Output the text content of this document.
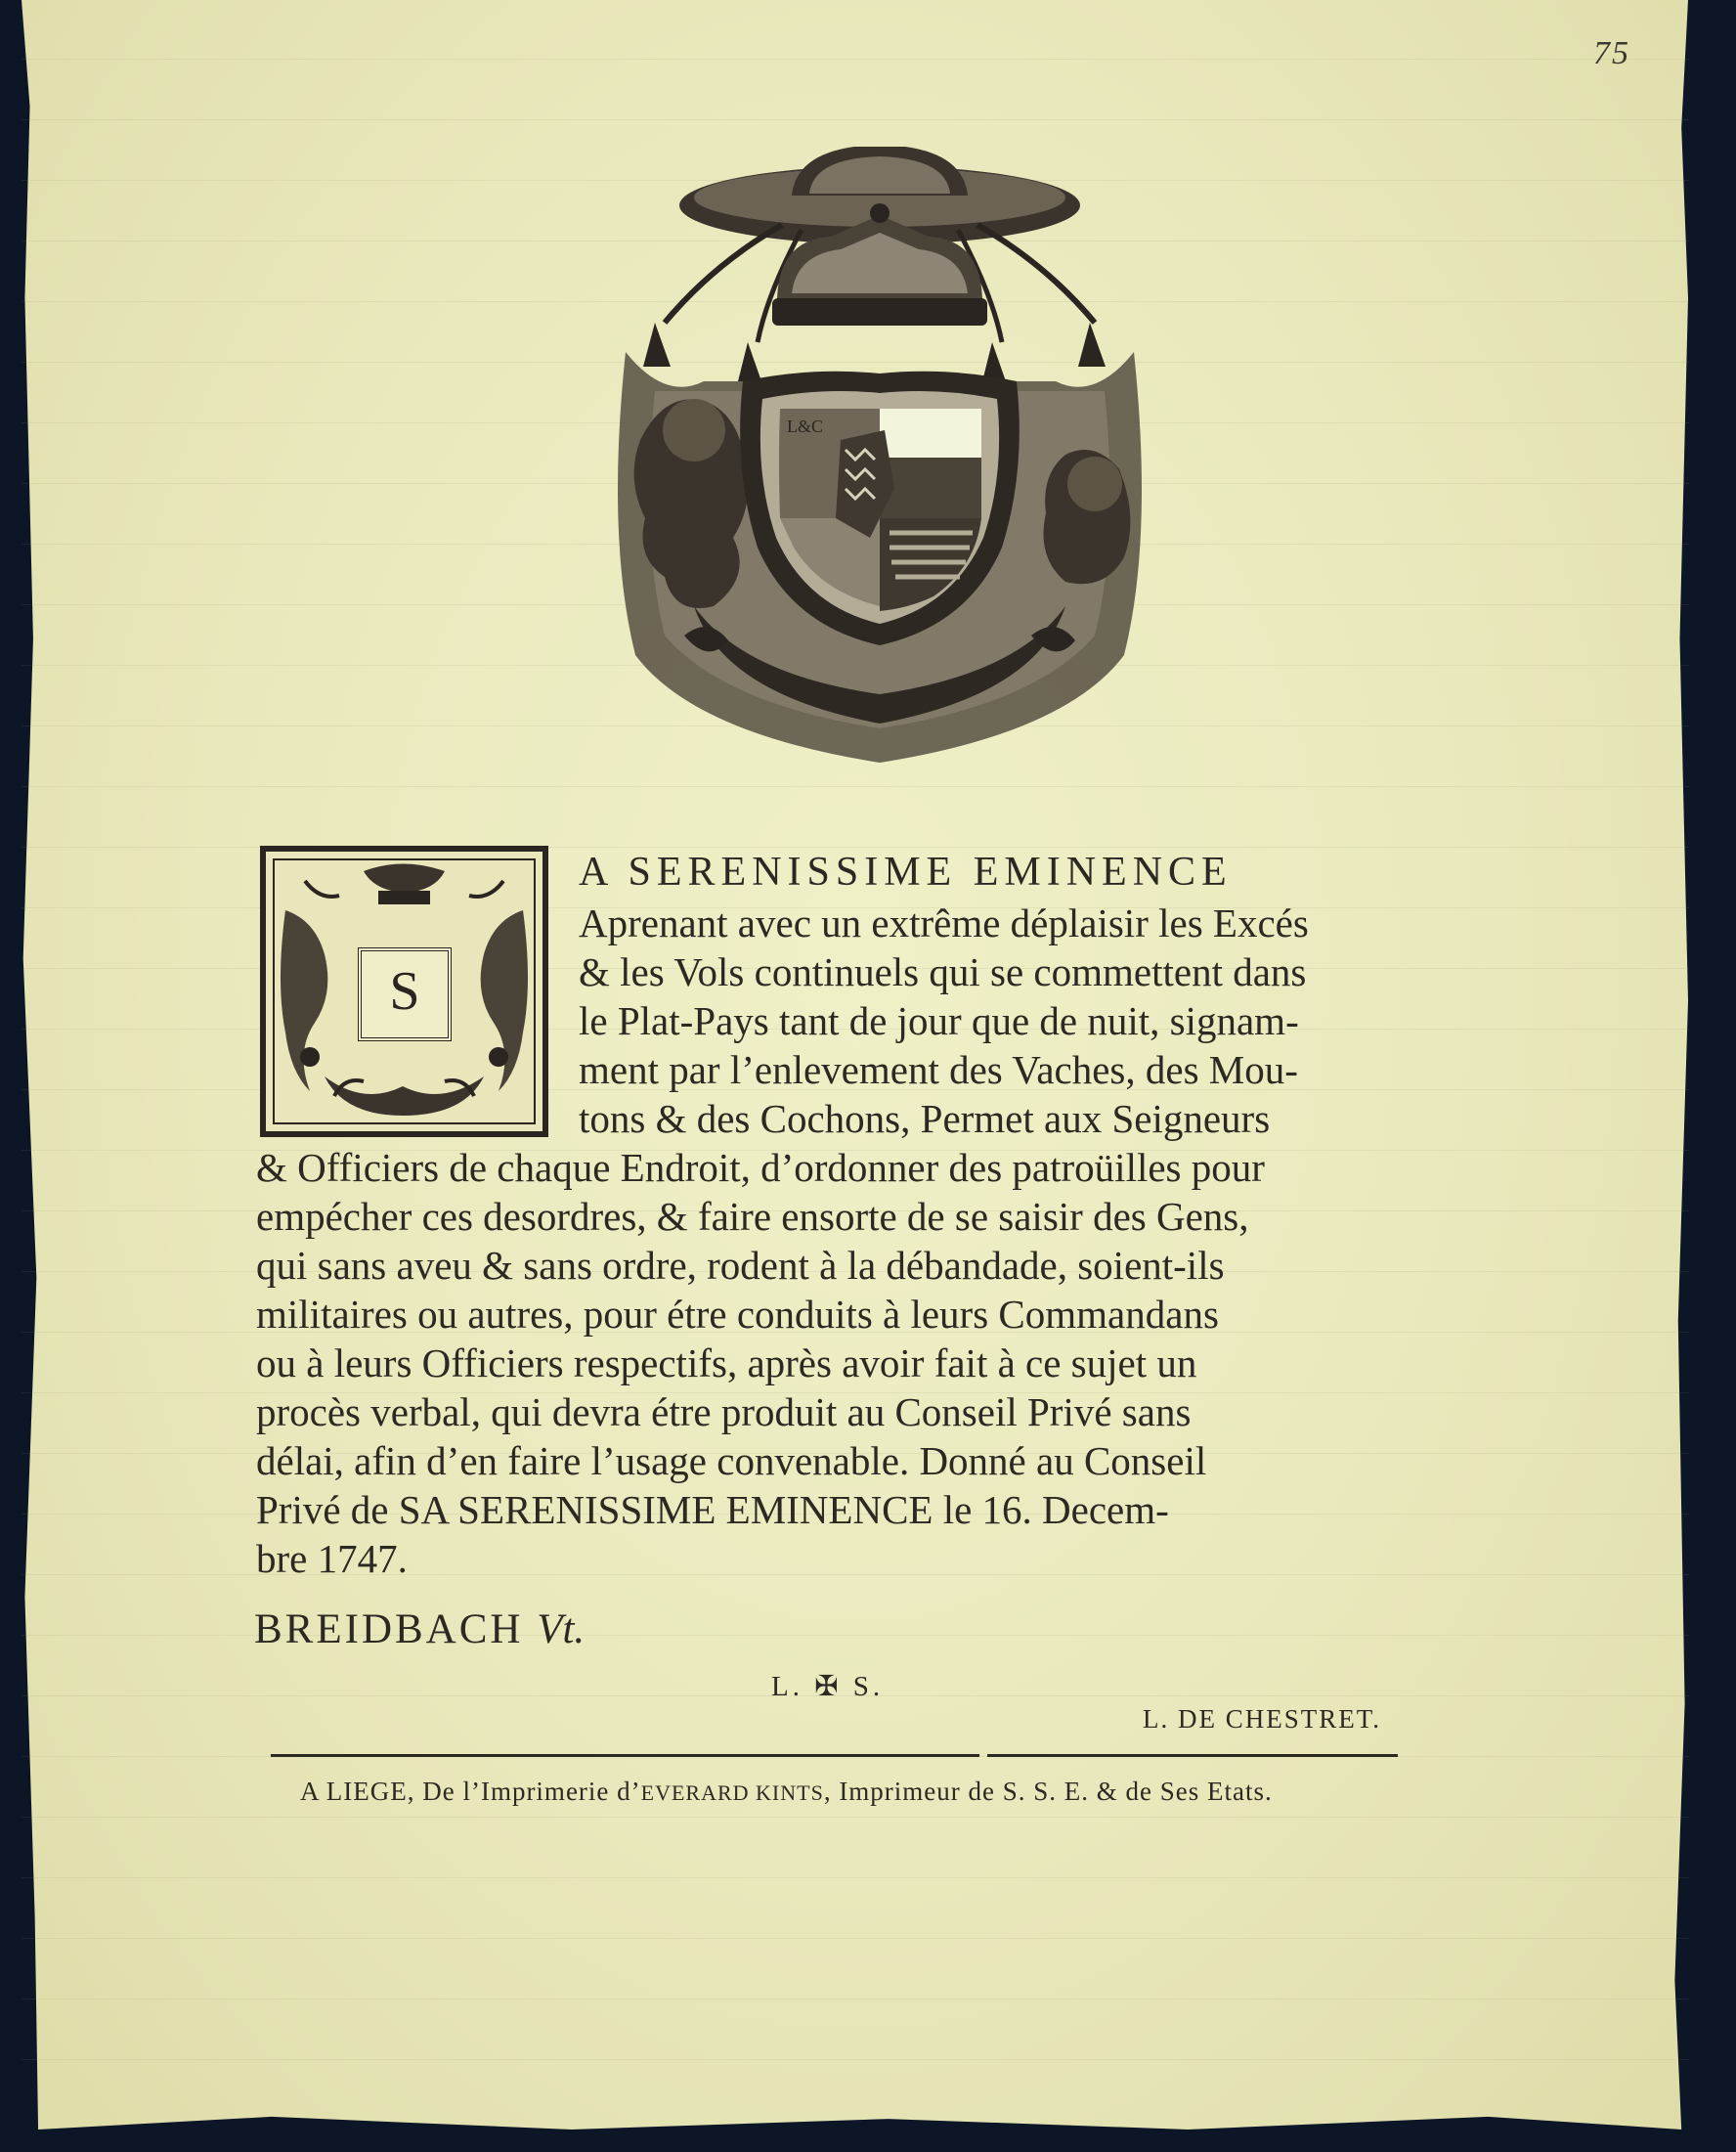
75
L&C
S
A SERENISSIME EMINENCE
Aprenant avec un extrême déplaisir les Excés
& les Vols continuels qui se commettent dans
le Plat-Pays tant de jour que de nuit, signam-
ment par l’enlevement des Vaches, des Mou-
tons & des Cochons, Permet aux Seigneurs
& Officiers de chaque Endroit, d’ordonner des patroüilles pour
empécher ces desordres, & faire ensorte de se saisir des Gens,
qui sans aveu & sans ordre, rodent à la débandade, soient-ils
militaires ou autres, pour étre conduits à leurs Commandans
ou à leurs Officiers respectifs, après avoir fait à ce sujet un
procès verbal, qui devra étre produit au Conseil Privé sans
délai, afin d’en faire l’usage convenable. Donné au Conseil
Privé de SA SERENISSIME EMINENCE le 16. Decem-
bre 1747.
BREIDBACH Vt.
L. ✠ S.
L. DE CHESTRET.
A LIEGE, De l’Imprimerie d’EVERARD KINTS, Imprimeur de S. S. E. & de Ses Etats.
